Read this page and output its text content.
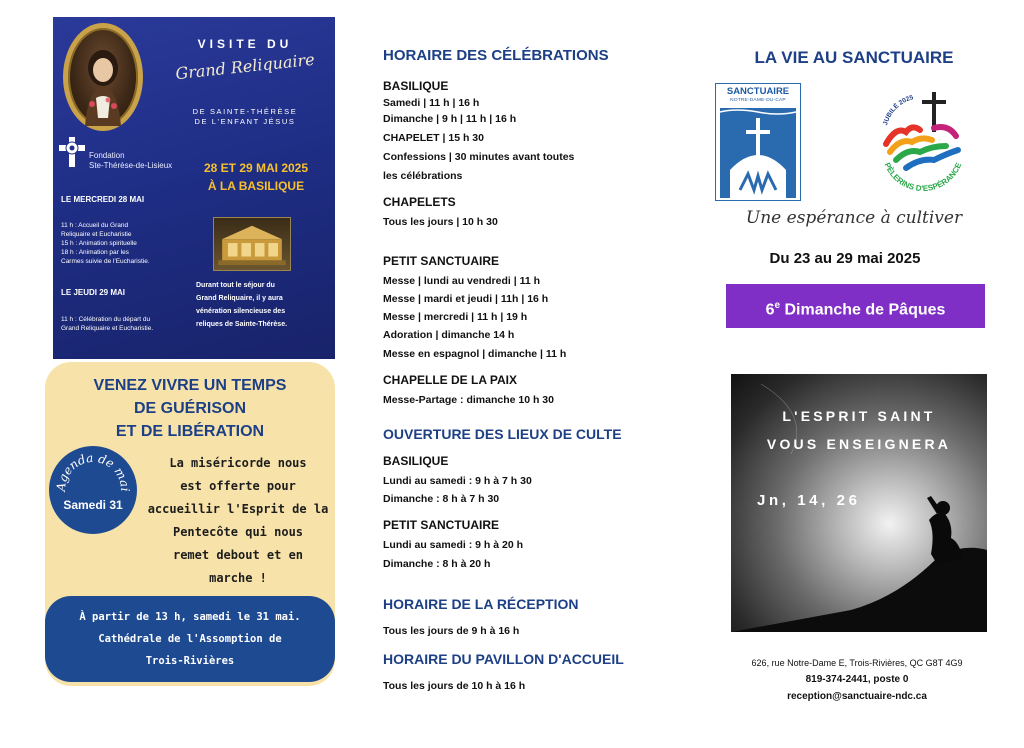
VISITE DU
Grand Reliquaire
DE SAINTE-THÉRÈSE
DE L'ENFANT JÉSUS
Fondation
Ste-Thérèse-de-Lisieux	28 ET 29 MAI 2025
À LA BASILIQUE
LE MERCREDI 28 MAI
11 h : Accueil du Grand
Reliquaire et Eucharistie
15 h : Animation spirituelle
18 h : Animation par les
Carmes suivie de l'Eucharistie.
LE JEUDI 29 MAI
11 h : Célébration du départ du
Grand Reliquaire et Eucharistie.
Durant tout le séjour du
Grand Reliquaire, il y aura
vénération silencieuse des
reliques de Sainte-Thérèse.
VENEZ VIVRE UN TEMPS
DE GUÉRISON
ET DE LIBÉRATION
Agenda de mai
Samedi 31
La miséricorde nous
est offerte pour
accueillir l'Esprit de la
Pentecôte qui nous
remet debout et en
marche !
À partir de 13 h, samedi le 31 mai.
Cathédrale de l'Assomption de
Trois-Rivières
HORAIRE DES CÉLÉBRATIONS
BASILIQUE
Samedi | 11 h | 16 h
Dimanche | 9 h | 11 h | 16 h
CHAPELET | 15 h 30
Confessions | 30 minutes avant toutes
les célébrations
CHAPELETS
Tous les jours | 10 h 30
PETIT SANCTUAIRE
Messe | lundi au vendredi | 11 h
Messe | mardi et jeudi | 11h | 16 h
Messe | mercredi | 11 h | 19 h
Adoration | dimanche 14 h
Messe en espagnol | dimanche | 11 h
CHAPELLE DE LA PAIX
Messe-Partage : dimanche 10 h 30
OUVERTURE DES LIEUX DE CULTE
BASILIQUE
Lundi au samedi : 9 h à 7 h 30
Dimanche : 8 h à 7 h 30
PETIT SANCTUAIRE
Lundi au samedi : 9 h à 20 h
Dimanche : 8 h à 20 h
HORAIRE DE LA RÉCEPTION
Tous les jours de 9 h à 16 h
HORAIRE DU PAVILLON D'ACCUEIL
Tous les jours de 10 h à 16 h
LA VIE AU SANCTUAIRE
SANCTUAIRE
NOTRE-DAME-DU-CAP
JUBILÉ 2025
PÈLERINS D'ESPÉRANCE
Une espérance à cultiver
Du 23 au 29 mai 2025
6e Dimanche de Pâques
L'ESPRIT SAINT
VOUS ENSEIGNERA
Jn, 14, 26
626, rue Notre-Dame E, Trois-Rivières, QC G8T 4G9
819-374-2441, poste 0
reception@sanctuaire-ndc.ca
